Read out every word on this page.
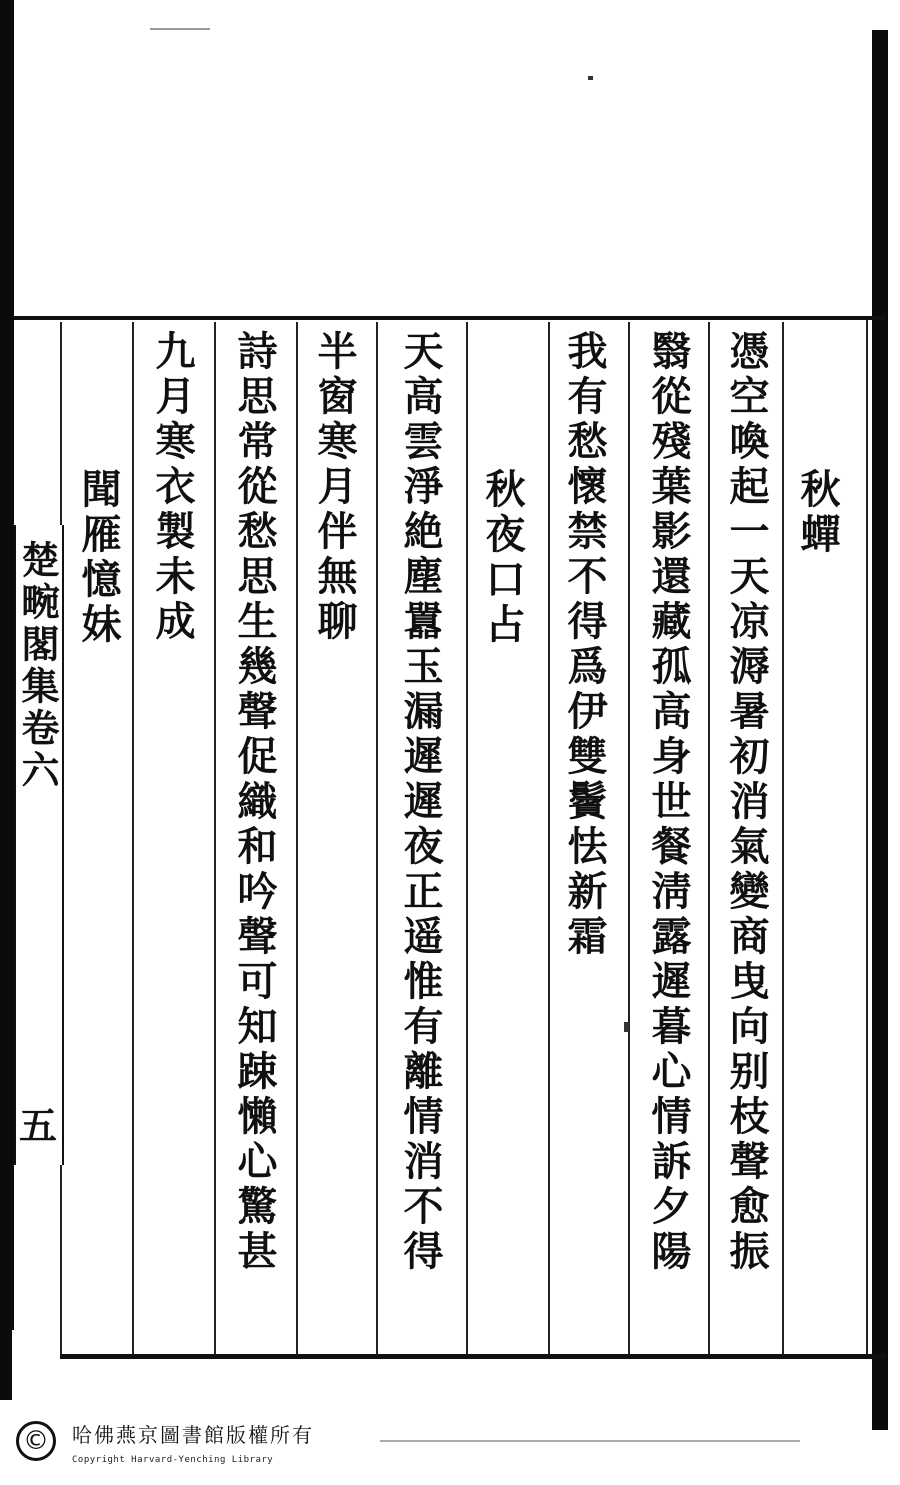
秋蟬
憑空喚起一天凉溽暑初消氣變商曳向别枝聲愈振
翳從殘葉影還藏孤高身世餐淸露遲暮心情訴夕陽
我有愁懷禁不得爲伊雙鬢怯新霜
秋夜口占
天高雲淨絶塵囂玉漏遲遲夜正遥惟有離情消不得
半窗寒月伴無聊
詩思常從愁思生幾聲促織和吟聲可知踈懶心驚甚
九月寒衣製未成
聞雁憶妹
楚畹閣集卷六
五
©	哈佛燕京圖書館版權所有
Copyright Harvard-Yenching Library
